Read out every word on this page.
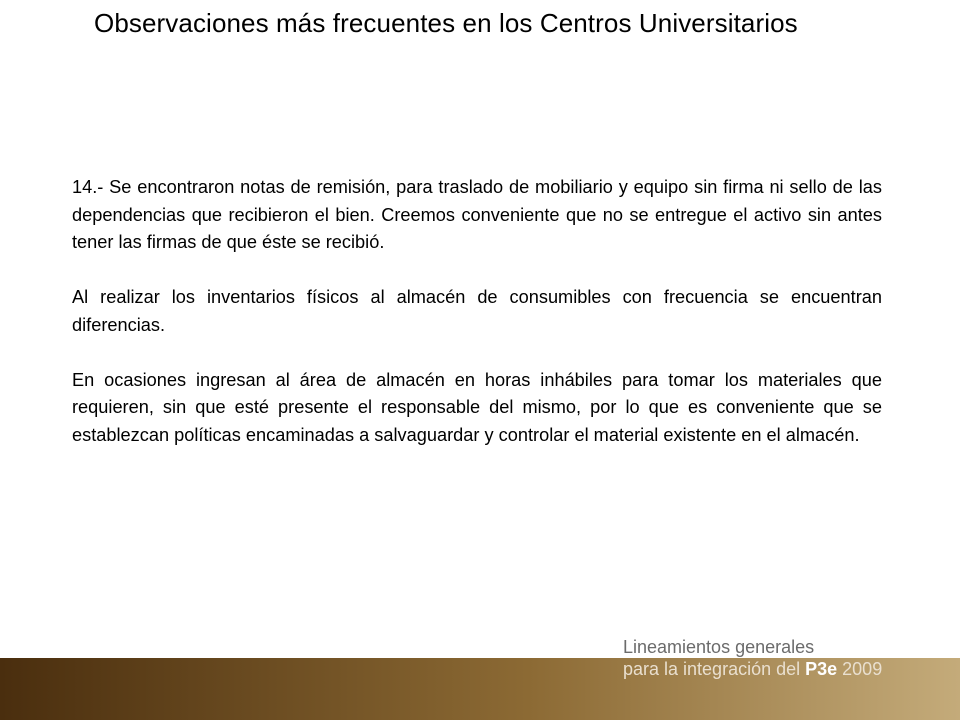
Observaciones más frecuentes en los Centros Universitarios

14.- Se encontraron notas de remisión, para traslado de mobiliario y equipo sin firma ni sello de las dependencias que recibieron el bien. Creemos conveniente que no se entregue el activo sin antes tener las firmas de que éste se recibió.

Al realizar los inventarios físicos al almacén de consumibles con frecuencia se encuentran diferencias.

En ocasiones ingresan al área de almacén en horas inhábiles para tomar los materiales que requieren, sin que esté presente el responsable del mismo, por lo que es conveniente que se establezcan políticas encaminadas a salvaguardar y controlar el material existente en el almacén.

Lineamientos generales
para la integración del P3e 2009
